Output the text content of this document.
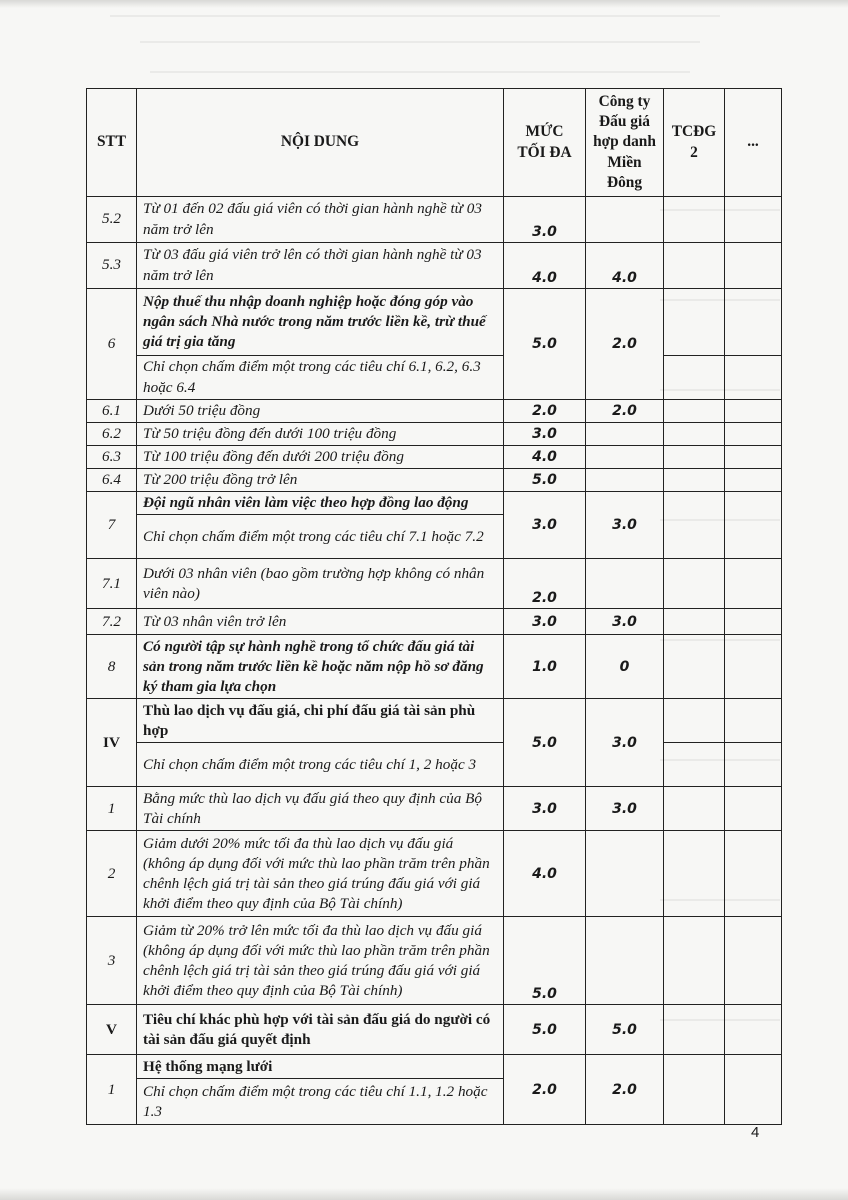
STT	NỘI DUNG	MỨC TỐI ĐA	Công ty Đấu giá hợp danh Miền Đông	TCĐG 2	...
5.2	Từ 01 đến 02 đấu giá viên có thời gian hành nghề từ 03 năm trở lên	3.0			
5.3	Từ 03 đấu giá viên trở lên có thời gian hành nghề từ 03 năm trở lên	4.0	4.0		
6	Nộp thuế thu nhập doanh nghiệp hoặc đóng góp vào ngân sách Nhà nước trong năm trước liền kề, trừ thuế giá trị gia tăng	5.0	2.0		
	Chỉ chọn chấm điểm một trong các tiêu chí 6.1, 6.2, 6.3 hoặc 6.4				
6.1	Dưới 50 triệu đồng	2.0	2.0		
6.2	Từ 50 triệu đồng đến dưới 100 triệu đồng	3.0			
6.3	Từ 100 triệu đồng đến dưới 200 triệu đồng	4.0			
6.4	Từ 200 triệu đồng trở lên	5.0			
7	Đội ngũ nhân viên làm việc theo hợp đồng lao động	3.0	3.0		
	Chỉ chọn chấm điểm một trong các tiêu chí 7.1 hoặc 7.2				
7.1	Dưới 03 nhân viên (bao gồm trường hợp không có nhân viên nào)	2.0			
7.2	Từ 03 nhân viên trở lên	3.0	3.0		
8	Có người tập sự hành nghề trong tổ chức đấu giá tài sản trong năm trước liền kề hoặc năm nộp hồ sơ đăng ký tham gia lựa chọn	1.0	0		
IV	Thù lao dịch vụ đấu giá, chi phí đấu giá tài sản phù hợp	5.0	3.0		
	Chỉ chọn chấm điểm một trong các tiêu chí 1, 2 hoặc 3				
1	Bằng mức thù lao dịch vụ đấu giá theo quy định của Bộ Tài chính	3.0	3.0		
2	Giảm dưới 20% mức tối đa thù lao dịch vụ đấu giá (không áp dụng đối với mức thù lao phần trăm trên phần chênh lệch giá trị tài sản theo giá trúng đấu giá với giá khởi điểm theo quy định của Bộ Tài chính)	4.0			
3	Giảm từ 20% trở lên mức tối đa thù lao dịch vụ đấu giá (không áp dụng đối với mức thù lao phần trăm trên phần chênh lệch giá trị tài sản theo giá trúng đấu giá với giá khởi điểm theo quy định của Bộ Tài chính)	5.0			
V	Tiêu chí khác phù hợp với tài sản đấu giá do người có tài sản đấu giá quyết định	5.0	5.0		
1	Hệ thống mạng lưới	2.0	2.0		
	Chỉ chọn chấm điểm một trong các tiêu chí 1.1, 1.2 hoặc 1.3				
4
